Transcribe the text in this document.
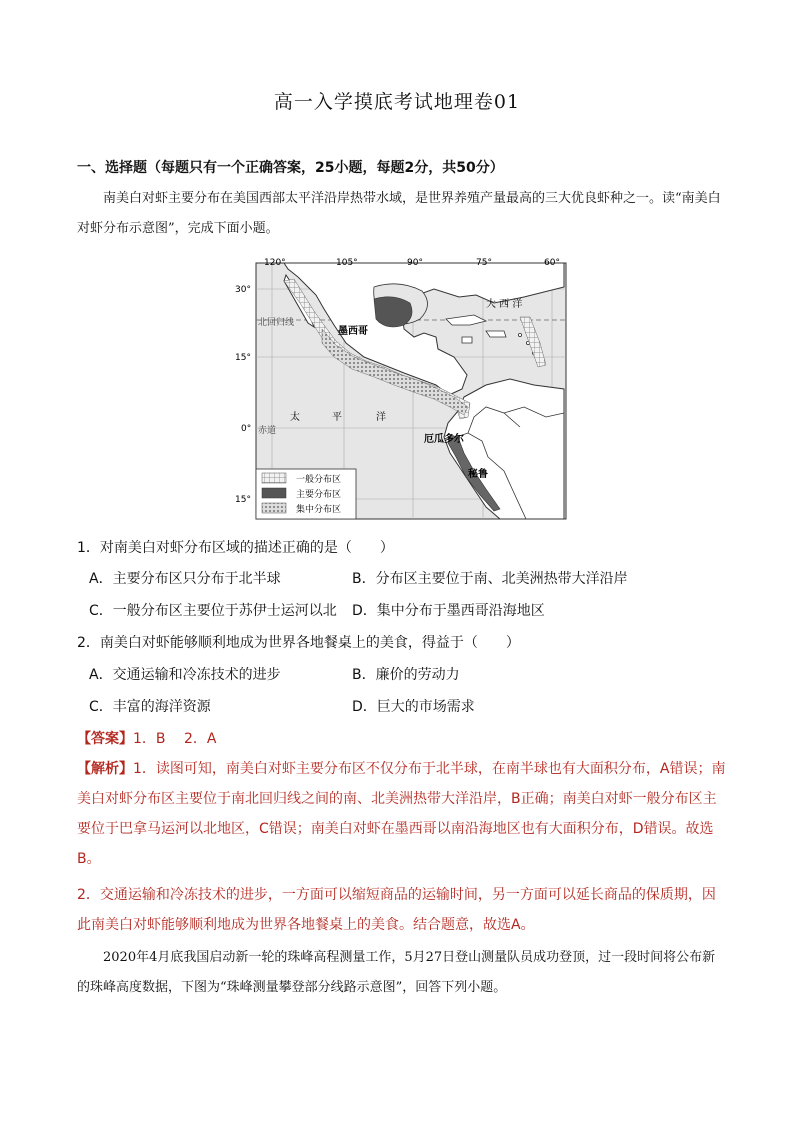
高一入学摸底考试地理卷01
一、选择题（每题只有一个正确答案，25小题，每题2分，共50分）
南美白对虾主要分布在美国西部太平洋沿岸热带水域，是世界养殖产量最高的三大优良虾种之一。读“南美白对虾分布示意图”，完成下面小题。
120°	105°	90°	75°	60°
30°
15°
0°
15°
北回归线
赤道
墨西哥
大 西 洋
太	平	洋
厄瓜多尔
秘鲁
一般分布区
主要分布区
集中分布区
1．对南美白对虾分布区域的描述正确的是（　　）
A．主要分布区只分布于北半球	B．分布区主要位于南、北美洲热带大洋沿岸
C．一般分布区主要位于苏伊士运河以北 D．集中分布于墨西哥沿海地区
2．南美白对虾能够顺利地成为世界各地餐桌上的美食，得益于（　　）
A．交通运输和冷冻技术的进步	B．廉价的劳动力
C．丰富的海洋资源	D．巨大的市场需求
【答案】1．B　 2．A
【解析】1．读图可知，南美白对虾主要分布区不仅分布于北半球，在南半球也有大面积分布，A错误；南
美白对虾分布区主要位于南北回归线之间的南、北美洲热带大洋沿岸，B正确；南美白对虾一般分布区主
要位于巴拿马运河以北地区，C错误；南美白对虾在墨西哥以南沿海地区也有大面积分布，D错误。故选
B。
2．交通运输和冷冻技术的进步，一方面可以缩短商品的运输时间，另一方面可以延长商品的保质期，因
此南美白对虾能够顺利地成为世界各地餐桌上的美食。结合题意，故选A。
2020年4月底我国启动新一轮的珠峰高程测量工作，5月27日登山测量队员成功登顶，过一段时间将公布新的珠峰高度数据，下图为“珠峰测量攀登部分线路示意图”，回答下列小题。
